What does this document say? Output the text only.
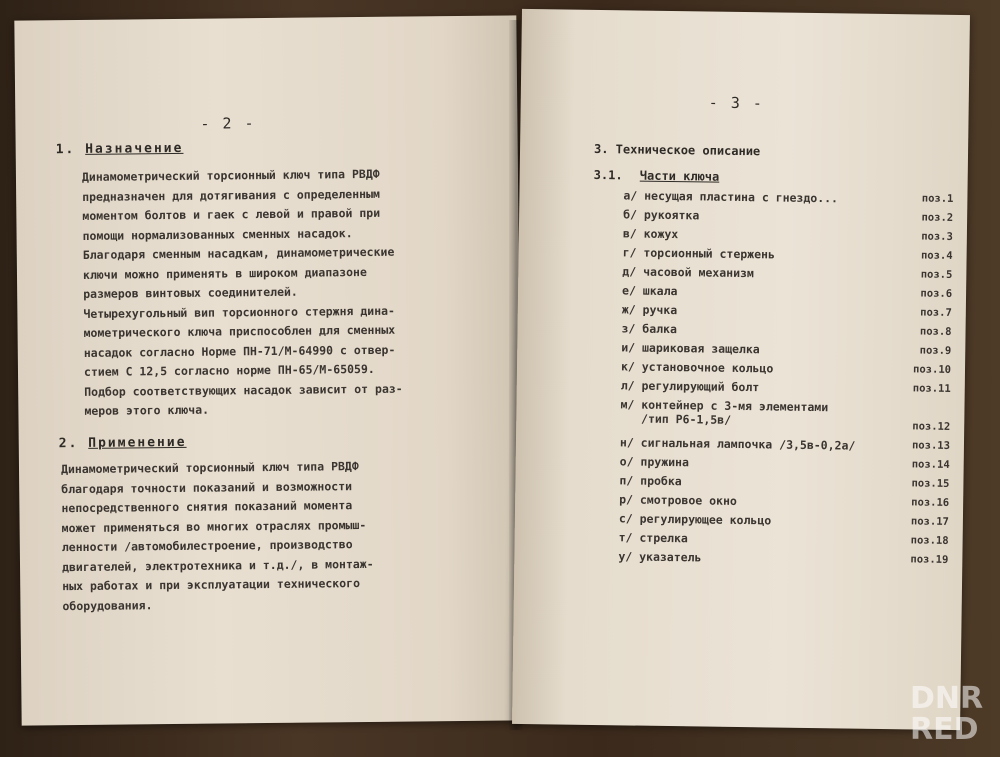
- 2 -
1. Назначение
Динамометрический торсионный ключ типа РВДФ
предназначен для дотягивания с определенным
моментом болтов и гаек с левой и правой при
помощи нормализованных сменных насадок.
Благодаря сменным насадкам, динамометрические
ключи можно применять в широком диапазоне
размеров винтовых соединителей.
Четырехугольный вип торсионного стержня дина-
мометрического ключа приспособлен для сменных
насадок согласно Норме ПН-71/М-64990 с отвер-
стием С 12,5 согласно норме ПН-65/М-65059.
Подбор соответствующих насадок зависит от раз-
меров этого ключа.
2. Применение
Динамометрический торсионный ключ типа РВДФ
благодаря точности показаний и возможности
непосредственного снятия показаний момента
может применяться во многих отраслях промыш-
ленности /автомобилестроение, производство
двигателей, электротехника и т.д./, в монтаж-
ных работах и при эксплуатации технического
оборудования.
- 3 -
3. Техническое описание
3.1. Части ключа
а/ несущая пластина с гнездо...	поз.1
б/ рукоятка	поз.2
в/ кожух	поз.3
г/ торсионный стержень	поз.4
д/ часовой механизм	поз.5
е/ шкала	поз.6
ж/ ручка	поз.7
з/ балка	поз.8
и/ шариковая защелка	поз.9
к/ установочное кольцо	поз.10
л/ регулирующий болт	поз.11
м/ контейнер с 3-мя элементами
/тип Р6-1,5в/	поз.12
н/ сигнальная лампочка /3,5в-0,2а/	поз.13
о/ пружина	поз.14
п/ пробка	поз.15
р/ смотровое окно	поз.16
с/ регулирующее кольцо	поз.17
т/ стрелка	поз.18
у/ указатель	поз.19
DNR
RED
